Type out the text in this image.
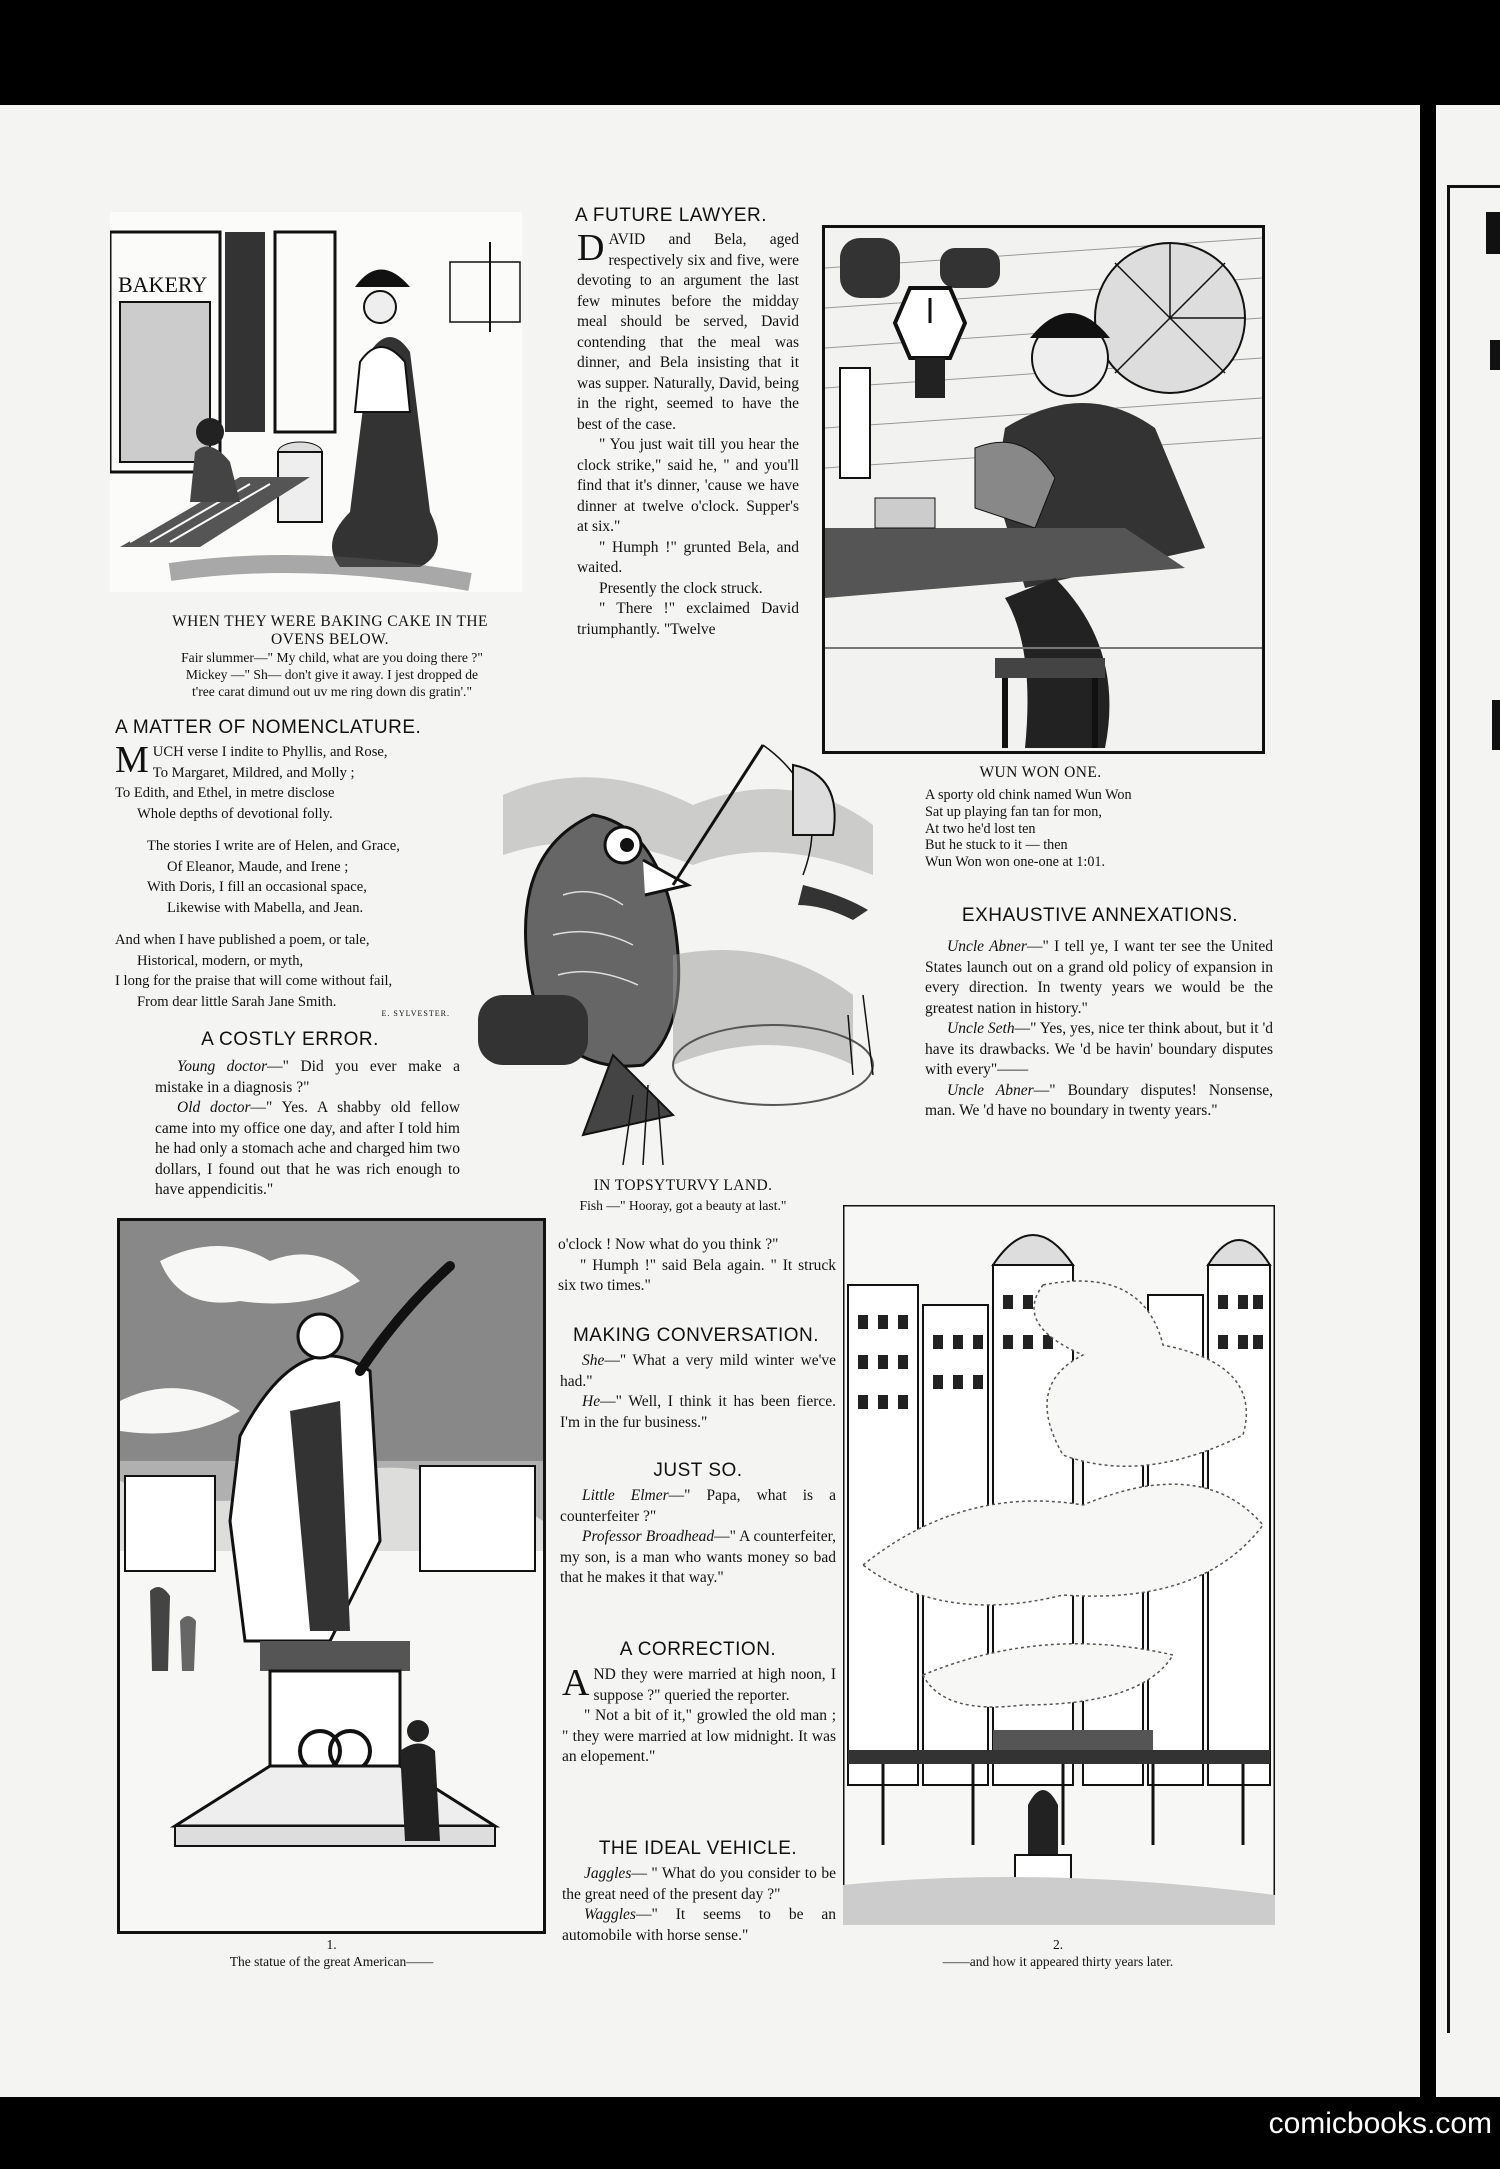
BAKERY
WHEN THEY WERE BAKING CAKE IN THE
OVENS BELOW.
Fair slummer—" My child, what are you doing there ?"
Mickey —" Sh— don't give it away. I jest dropped de
t'ree carat dimund out uv me ring down dis gratin'."
A MATTER OF NOMENCLATURE.
MUCH verse I indite to Phyllis, and Rose,
To Margaret, Mildred, and Molly ;
To Edith, and Ethel, in metre disclose
Whole depths of devotional folly.
The stories I write are of Helen, and Grace,
Of Eleanor, Maude, and Irene ;
With Doris, I fill an occasional space,
Likewise with Mabella, and Jean.
And when I have published a poem, or tale,
Historical, modern, or myth,
I long for the praise that will come without fail,
From dear little Sarah Jane Smith.
E. SYLVESTER.
A COSTLY ERROR.

Young doctor—" Did you ever make a mistake in a diagnosis ?"

Old doctor—" Yes. A shabby old fellow came into my office one day, and after I told him he had only a stomach ache and charged him two dollars, I found out that he was rich enough to have appendicitis."

A FUTURE LAWYER.

DAVID and Bela, aged respectively six and five, were devoting to an argument the last few minutes before the midday meal should be served, David contending that the meal was dinner, and Bela insisting that it was supper. Naturally, David, being in the right, seemed to have the best of the case.

" You just wait till you hear the clock strike," said he, " and you'll find that it's dinner, 'cause we have dinner at twelve o'clock. Supper's at six."

" Humph !" grunted Bela, and waited.

Presently the clock struck.

" There !" exclaimed David triumphantly. "Twelve

WUN WON ONE.
A sporty old chink named Wun Won
Sat up playing fan tan for mon,
At two he'd lost ten
But he stuck to it — then
Wun Won won one-one at 1:01.
EXHAUSTIVE ANNEXATIONS.

Uncle Abner—" I tell ye, I want ter see the United States launch out on a grand old policy of expansion in every direction. In twenty years we would be the greatest nation in history."

Uncle Seth—" Yes, yes, nice ter think about, but it 'd have its drawbacks. We 'd be havin' boundary disputes with every"——

Uncle Abner—" Boundary disputes! Nonsense, man. We 'd have no boundary in twenty years."

IN TOPSYTURVY LAND.
Fish —" Hooray, got a beauty at last."
1.
The statue of the great American——

o'clock ! Now what do you think ?"

" Humph !" said Bela again. " It struck six two times."

MAKING CONVERSATION.

She—" What a very mild winter we've had."

He—" Well, I think it has been fierce. I'm in the fur business."

JUST SO.

Little Elmer—" Papa, what is a counterfeiter ?"

Professor Broadhead—" A counterfeiter, my son, is a man who wants money so bad that he makes it that way."

A CORRECTION.

AND they were married at high noon, I suppose ?" queried the reporter.

" Not a bit of it," growled the old man ; " they were married at low midnight. It was an elopement."

THE IDEAL VEHICLE.

Jaggles— " What do you consider to be the great need of the present day ?"

Waggles—" It seems to be an automobile with horse sense."

2.
——and how it appeared thirty years later.
comicbooks.com
